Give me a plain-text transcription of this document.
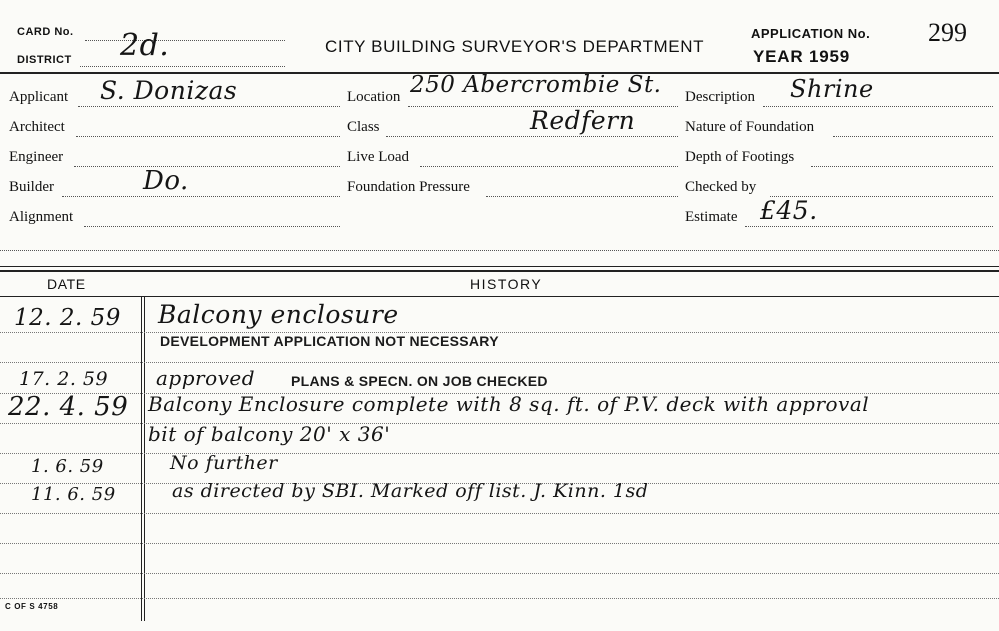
CARD No.
DISTRICT 2d.	CITY BUILDING SURVEYOR'S DEPARTMENT
APPLICATION No. 299
YEAR 1959
Applicant S. Donizas
Architect
Engineer
Builder	Do.
Alignment
Location 250 Abercrombie St.
Class	Redfern
Live Load
Foundation Pressure
Description Shrine
Nature of Foundation
Depth of Footings
Checked by
Estimate £45.
DATE	HISTORY
12. 2. 59 Balcony enclosure
DEVELOPMENT APPLICATION NOT NECESSARY
17. 2. 59 approved	PLANS & SPECN. ON JOB CHECKED
22. 4. 59 Balcony Enclosure complete with 8 sq. ft. of P.V. deck with approval
bit of balcony 20' x 36'
1. 6. 59	No further
11. 6. 59	as directed by SBI. Marked off list. J. Kinn. 1sd
C OF S 4758
